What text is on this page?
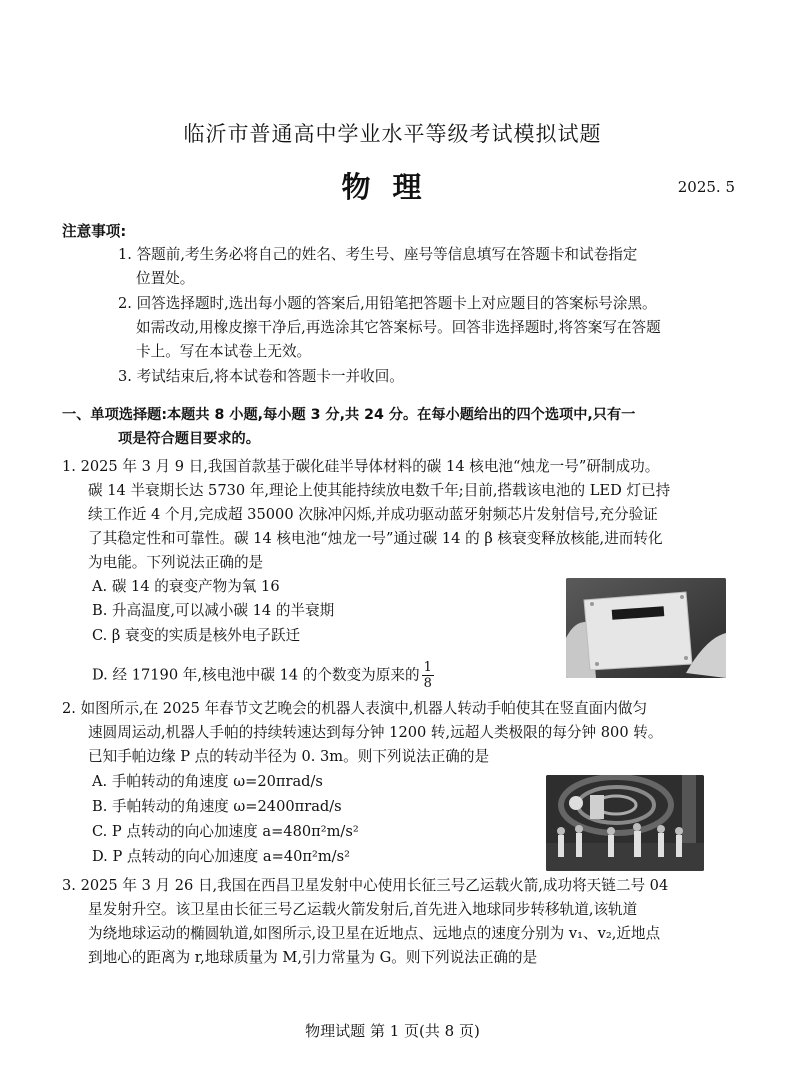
临沂市普通高中学业水平等级考试模拟试题
物理	2025. 5
注意事项:
1. 答题前,考生务必将自己的姓名、考生号、座号等信息填写在答题卡和试卷指定
位置处。
2. 回答选择题时,选出每小题的答案后,用铅笔把答题卡上对应题目的答案标号涂黑。
如需改动,用橡皮擦干净后,再选涂其它答案标号。回答非选择题时,将答案写在答题
卡上。写在本试卷上无效。
3. 考试结束后,将本试卷和答题卡一并收回。
一、单项选择题:本题共 8 小题,每小题 3 分,共 24 分。在每小题给出的四个选项中,只有一
项是符合题目要求的。
1. 2025 年 3 月 9 日,我国首款基于碳化硅半导体材料的碳 14 核电池“烛龙一号”研制成功。
碳 14 半衰期长达 5730 年,理论上使其能持续放电数千年;目前,搭载该电池的 LED 灯已持
续工作近 4 个月,完成超 35000 次脉冲闪烁,并成功驱动蓝牙射频芯片发射信号,充分验证
了其稳定性和可靠性。碳 14 核电池“烛龙一号”通过碳 14 的 β 核衰变释放核能,进而转化
为电能。下列说法正确的是
A. 碳 14 的衰变产物为氧 16
B. 升高温度,可以减小碳 14 的半衰期
C. β 衰变的实质是核外电子跃迁
D. 经 17190 年,核电池中碳 14 的个数变为原来的 $\frac{1}{8}$
2. 如图所示,在 2025 年春节文艺晚会的机器人表演中,机器人转动手帕使其在竖直面内做匀
速圆周运动,机器人手帕的持续转速达到每分钟 1200 转,远超人类极限的每分钟 800 转。
已知手帕边缘 P 点的转动半径为 0. 3m。则下列说法正确的是
A. 手帕转动的角速度 ω=20πrad/s
B. 手帕转动的角速度 ω=2400πrad/s
C. P 点转动的向心加速度 a=480π²m/s²
D. P 点转动的向心加速度 a=40π²m/s²
3. 2025 年 3 月 26 日,我国在西昌卫星发射中心使用长征三号乙运载火箭,成功将天链二号 04
星发射升空。该卫星由长征三号乙运载火箭发射后,首先进入地球同步转移轨道,该轨道
为绕地球运动的椭圆轨道,如图所示,设卫星在近地点、远地点的速度分别为 v₁、v₂,近地点
到地心的距离为 r,地球质量为 M,引力常量为 G。则下列说法正确的是
物理试题 第 1 页(共 8 页)
